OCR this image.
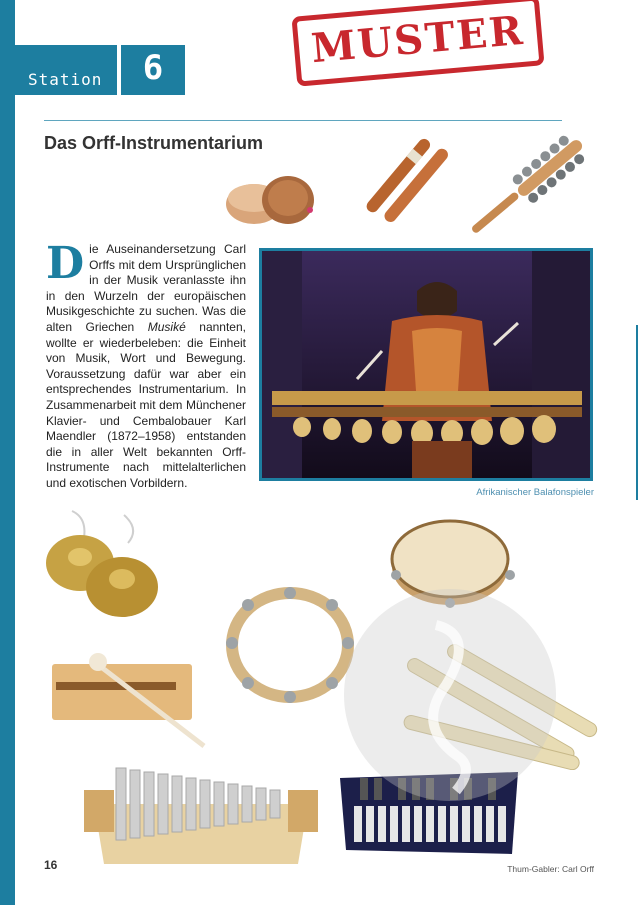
MUSTER
Station	6
Das Orff-Instrumentarium
Die Auseinandersetzung Carl Orffs mit dem Ursprünglichen in der Musik veranlasste ihn in den Wurzeln der europäischen Musikgeschichte zu suchen. Was die alten Griechen Musiké nannten, wollte er wiederbeleben: die Einheit von Musik, Wort und Bewegung. Voraussetzung dafür war aber ein entsprechendes Instrumentarium. In Zusammenarbeit mit dem Münchener Klavier- und Cembalobauer Karl Maendler (1872–1958) entstanden die in aller Welt bekannten Orff-Instrumente nach mittelalterlichen und exotischen Vorbildern.
Afrikanischer Balafonspieler
16	Thum-Gabler: Carl Orff
